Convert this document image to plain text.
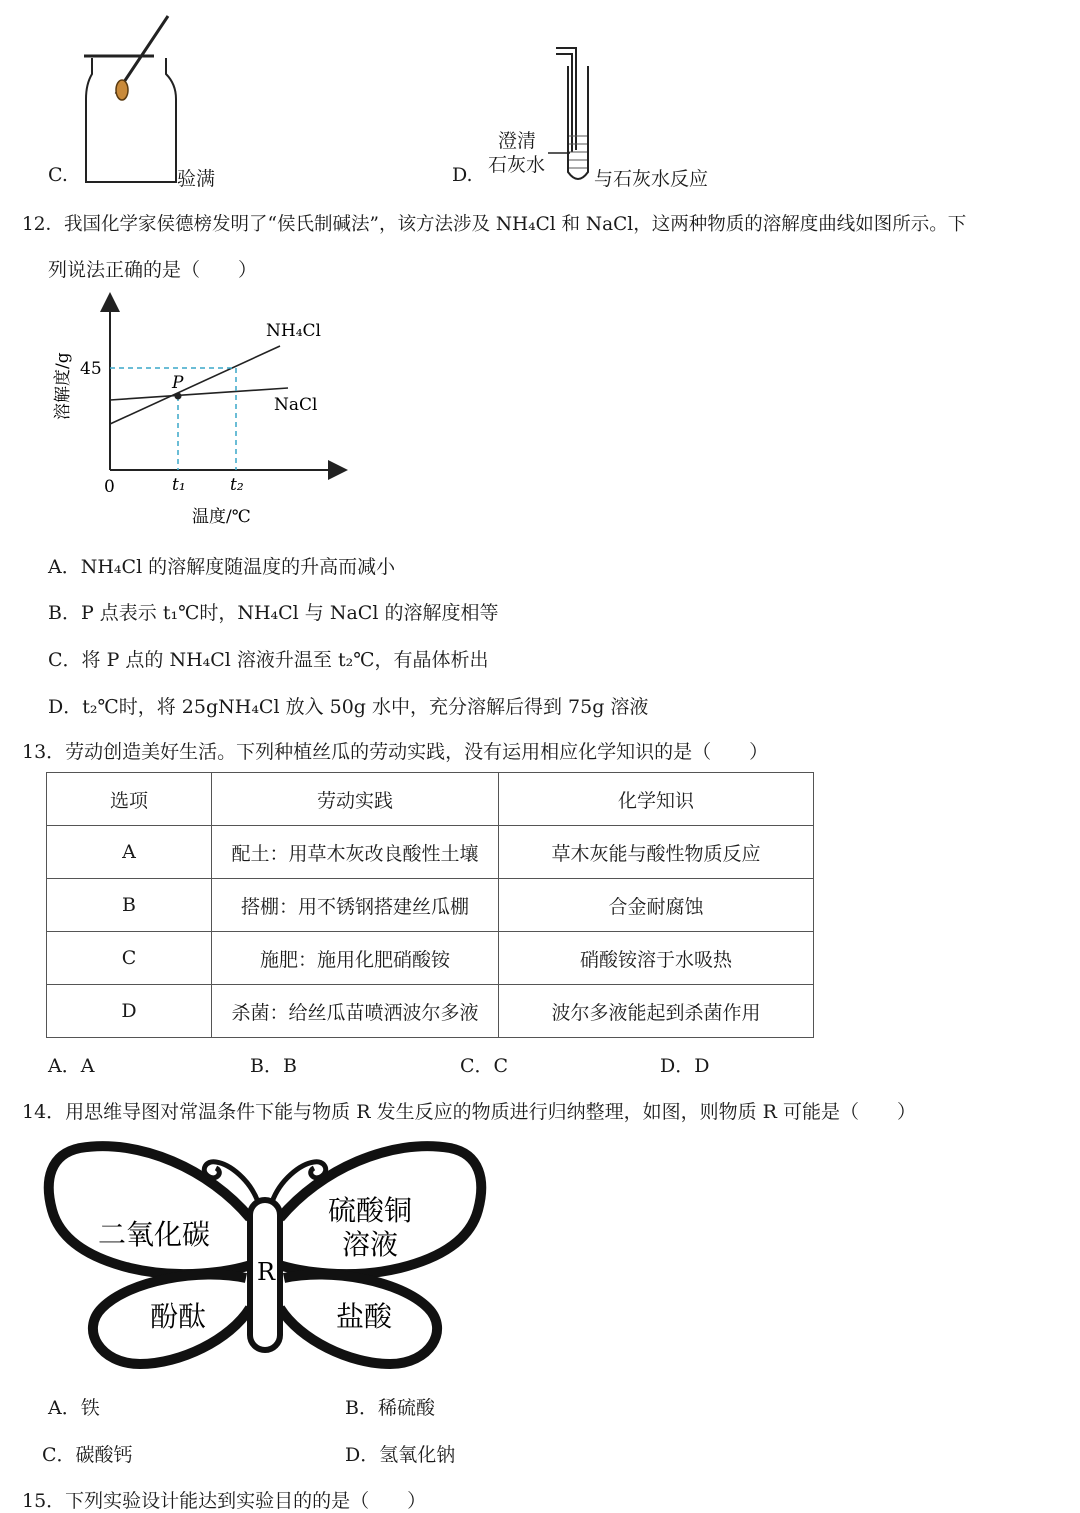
C.	验满	D.
澄清
石灰水
与石灰水反应
12．我国化学家侯德榜发明了“侯氏制碱法”，该方法涉及 NH₄Cl 和 NaCl，这两种物质的溶解度曲线如图所示。下
列说法正确的是（　　）
P
45
0	t₁	t₂
NH₄Cl
NaCl
温度/℃
溶解度/g
A．NH₄Cl 的溶解度随温度的升高而减小
B．P 点表示 t₁℃时，NH₄Cl 与 NaCl 的溶解度相等
C．将 P 点的 NH₄Cl 溶液升温至 t₂℃，有晶体析出
D．t₂℃时，将 25gNH₄Cl 放入 50g 水中，充分溶解后得到 75g 溶液
13．劳动创造美好生活。下列种植丝瓜的劳动实践，没有运用相应化学知识的是（　　）
选项	劳动实践	化学知识
A	配土：用草木灰改良酸性土壤	草木灰能与酸性物质反应
B	搭棚：用不锈钢搭建丝瓜棚	合金耐腐蚀
C	施肥：施用化肥硝酸铵	硝酸铵溶于水吸热
D	杀菌：给丝瓜苗喷洒波尔多液	波尔多液能起到杀菌作用
A．A	B．B	C．C	D．D
14．用思维导图对常温条件下能与物质 R 发生反应的物质进行归纳整理，如图，则物质 R 可能是（　　）
R
二氧化碳
硫酸铜
溶液
酚酞	盐酸
A．铁	B．稀硫酸
C．碳酸钙	D．氢氧化钠
15．下列实验设计能达到实验目的的是（　　）
